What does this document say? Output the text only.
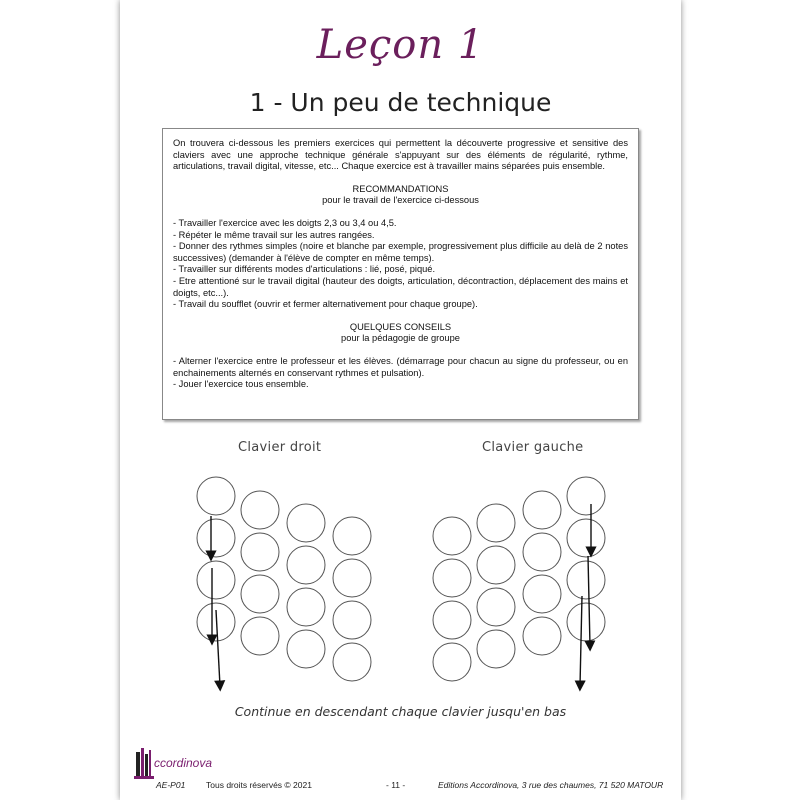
Leçon 1
1 - Un peu de technique

On trouvera ci-dessous les premiers exercices qui permettent la découverte progressive et sensitive des claviers avec une approche technique générale s'appuyant sur des éléments de régularité, rythme, articulations, travail digital, vitesse, etc... Chaque exercice est à travailler mains séparées puis ensemble.

RECOMMANDATIONS

pour le travail de l'exercice ci-dessous

- Travailler l'exercice avec les doigts 2,3 ou 3,4 ou 4,5.
- Répéter le même travail sur les autres rangées.
- Donner des rythmes simples (noire et blanche par exemple, progressivement plus difficile au delà de 2 notes successives) (demander à l'élève de compter en même temps).
- Travailler sur différents modes d'articulations : lié, posé, piqué.
- Etre attentioné sur le travail digital (hauteur des doigts, articulation, décontraction, déplacement des mains et doigts, etc...).
- Travail du soufflet (ouvrir et fermer alternativement pour chaque groupe).

QUELQUES CONSEILS

pour la pédagogie de groupe

- Alterner l'exercice entre le professeur et les élèves. (démarrage pour chacun au signe du professeur, ou en enchainements alternés en conservant rythmes et pulsation).
- Jouer l'exercice tous ensemble.
Clavier droit	Clavier gauche
Continue en descendant chaque clavier jusqu'en bas
ccordinova
AE-P01 Tous droits réservés © 2021	- 11 -	Editions Accordinova, 3 rue des chaumes, 71 520 MATOUR
